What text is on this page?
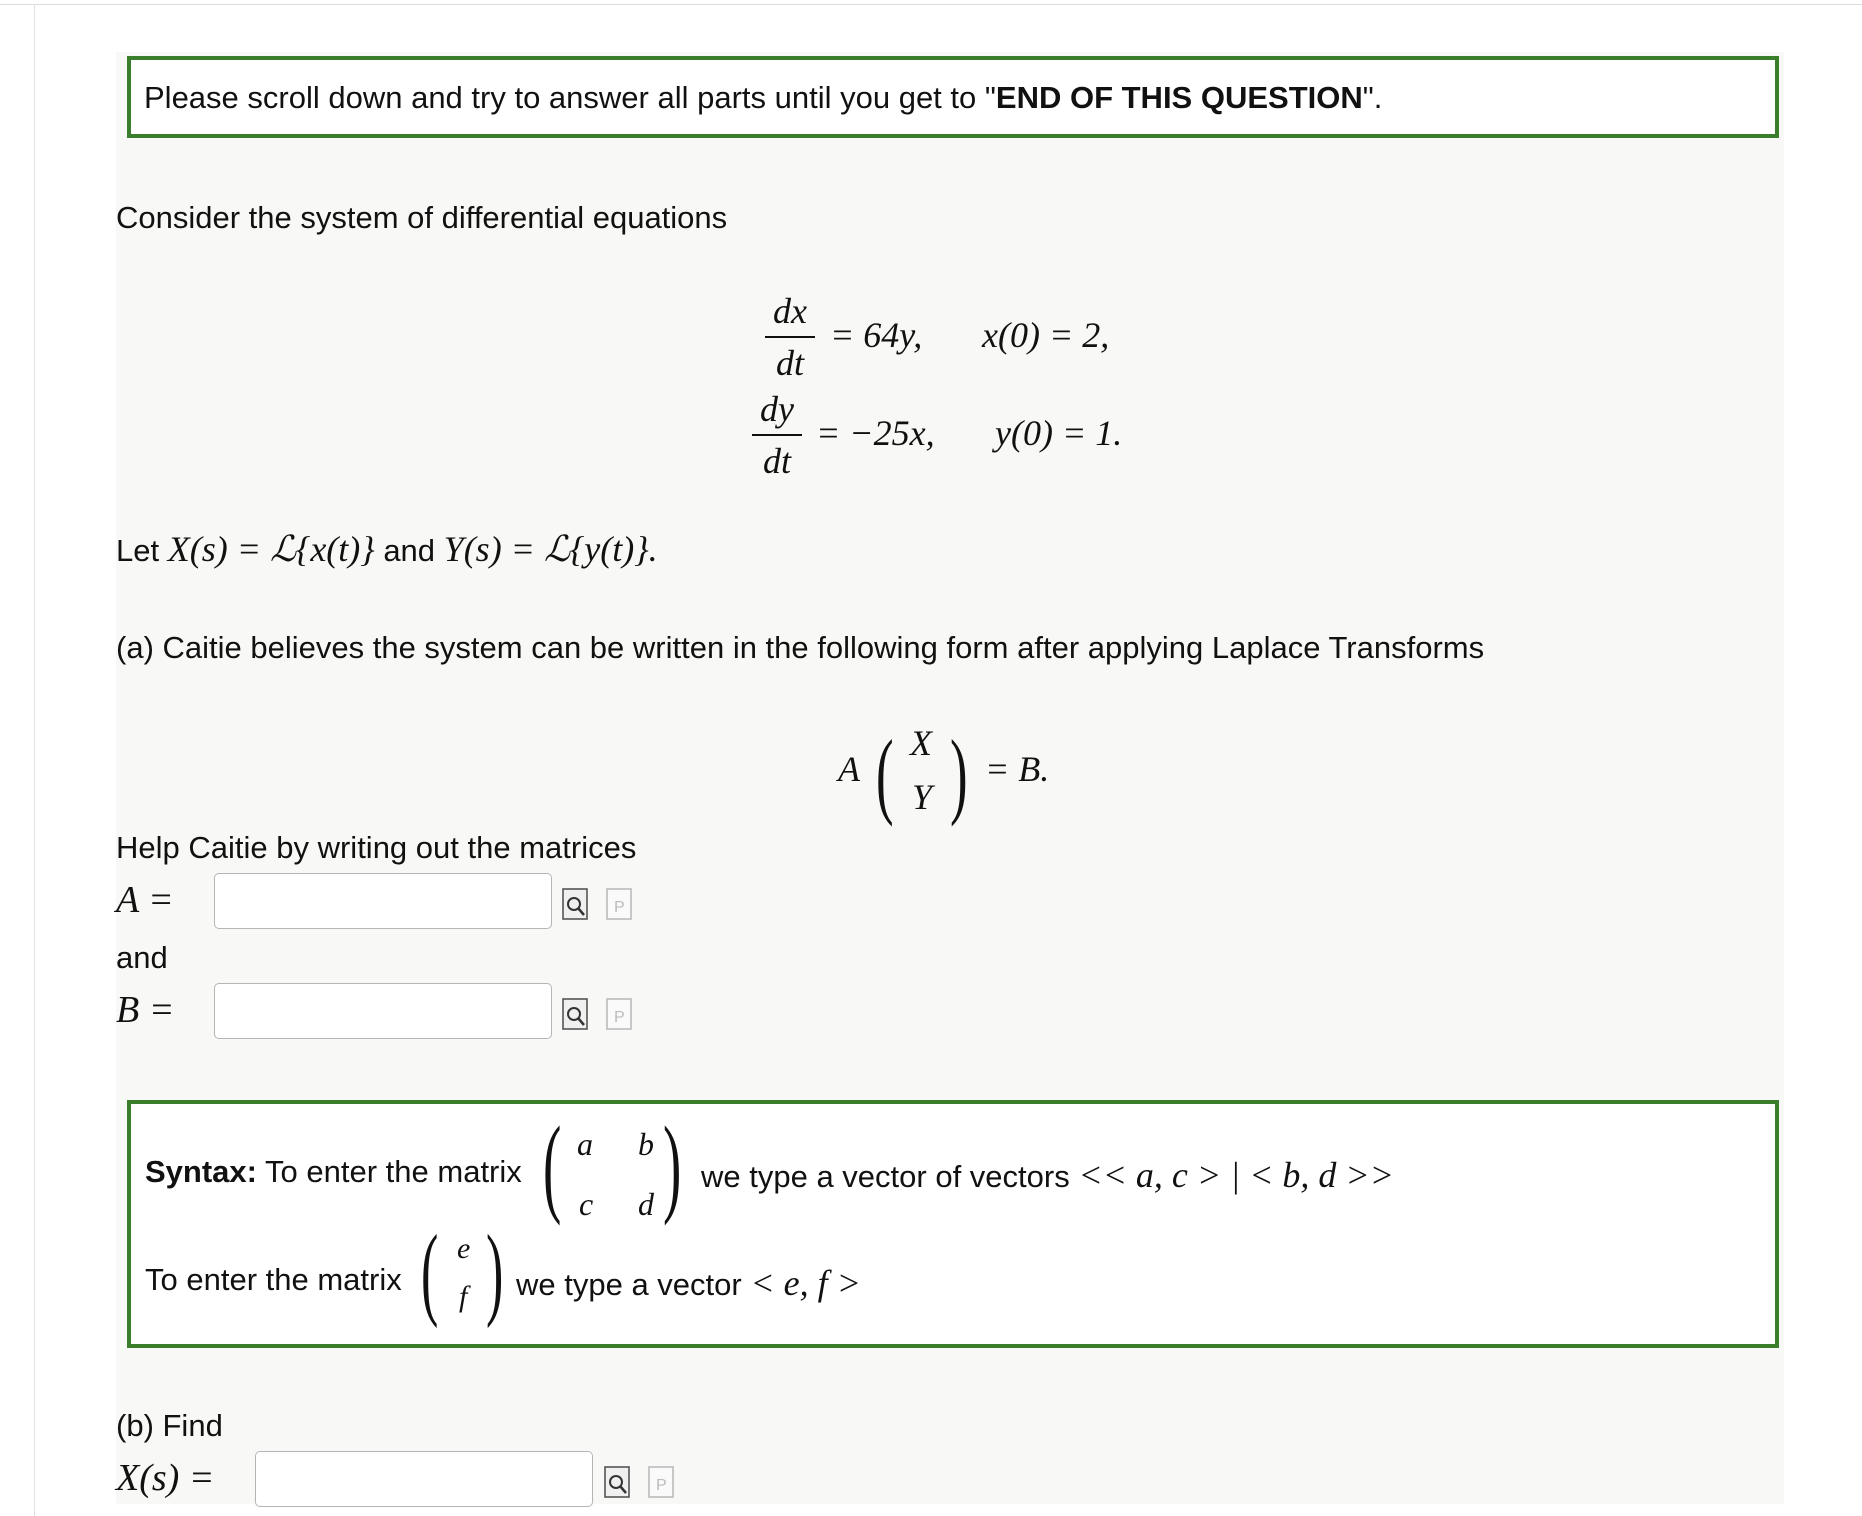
Please scroll down and try to answer all parts until you get to "END OF THIS QUESTION".
Consider the system of differential equations
dx
dt
= 64y, x(0) = 2,
dy
dt
= −25x, y(0) = 1.
Let X(s) = ℒ{x(t)} and Y(s) = ℒ{y(t)}.
(a) Caitie believes the system can be written in the following form after applying Laplace Transforms
A ( X
Y ) = B.
Help Caitie by writing out the matrices
A =	P
and
B =	P
Syntax: To enter the matrix ( a b
c d ) we type a vector of vectors << a, c > | < b, d >>
To enter the matrix ( e
f ) we type a vector < e, f >
(b) Find
X(s) =	P
